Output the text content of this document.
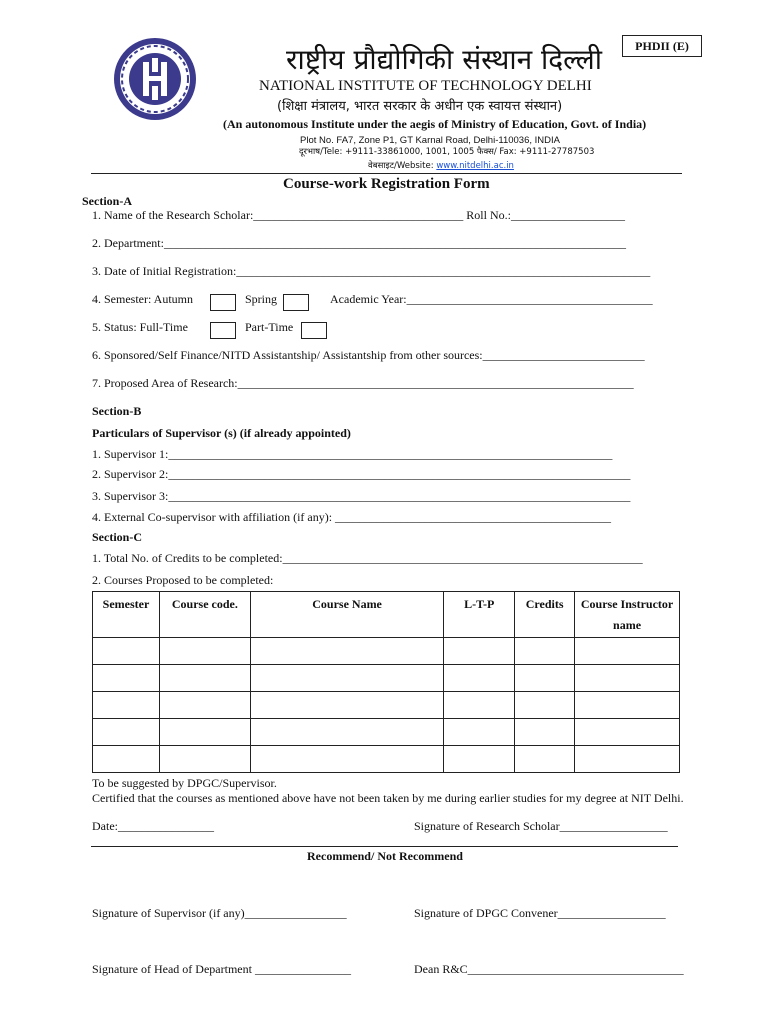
PHDII (E)
राष्ट्रीय प्रौद्योगिकी संस्थान दिल्ली
NATIONAL INSTITUTE OF TECHNOLOGY DELHI
(शिक्षा मंत्रालय, भारत सरकार के अधीन एक स्वायत्त संस्थान)
(An autonomous Institute under the aegis of Ministry of Education, Govt. of India)
Plot No. FA7, Zone P1, GT Karnal Road, Delhi-110036, INDIA
दूरभाष/Tele: +9111-33861000, 1001, 1005 फैक्स/ Fax: +9111-27787503
वेबसाइट/Website: www.nitdelhi.ac.in
Course-work Registration Form
Section-A
1. Name of the Research Scholar:___________________________________ Roll No.:___________________
2. Department:_____________________________________________________________________________
3. Date of Initial Registration:_____________________________________________________________________
4. Semester: Autumn	Spring	Academic Year:_________________________________________
5. Status: Full-Time	Part-Time
6. Sponsored/Self Finance/NITD Assistantship/ Assistantship from other sources:___________________________
7. Proposed Area of Research:__________________________________________________________________
Section-B
Particulars of Supervisor (s) (if already appointed)
1. Supervisor 1:__________________________________________________________________________
2. Supervisor 2:_____________________________________________________________________________
3. Supervisor 3:_____________________________________________________________________________
4. External Co-supervisor with affiliation (if any): ______________________________________________
Section-C
1. Total No. of Credits to be completed:____________________________________________________________
2. Courses Proposed to be completed:
Semester	Course code.	Course Name	L-T-P	Credits	Course Instructor name

To be suggested by DPGC/Supervisor.
Certified that the courses as mentioned above have not been taken by me during earlier studies for my degree at NIT Delhi.
Date:________________	Signature of Research Scholar__________________
Recommend/ Not Recommend
Signature of Supervisor (if any)_________________	Signature of DPGC Convener__________________
Signature of Head of Department ________________	Dean R&C____________________________________
